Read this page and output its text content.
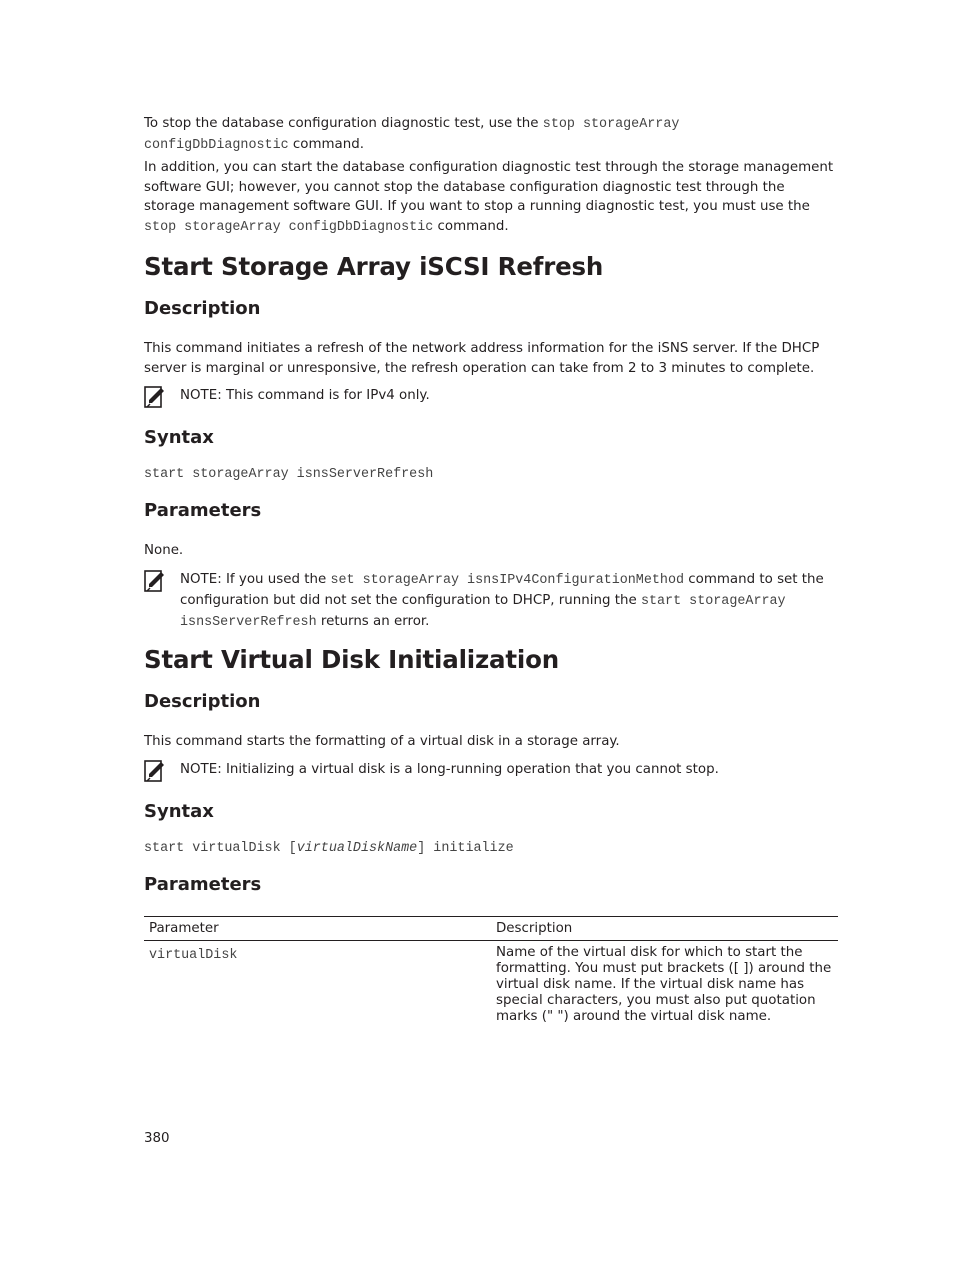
To stop the database configuration diagnostic test, use the stop storageArray
configDbDiagnostic command.

In addition, you can start the database configuration diagnostic test through the storage management software GUI; however, you cannot stop the database configuration diagnostic test through the storage management software GUI. If you want to stop a running diagnostic test, you must use the stop storageArray configDbDiagnostic command.

Start Storage Array iSCSI Refresh
Description

This command initiates a refresh of the network address information for the iSNS server. If the DHCP server is marginal or unresponsive, the refresh operation can take from 2 to 3 minutes to complete.

NOTE: This command is for IPv4 only.
Syntax
start storageArray isnsServerRefresh
Parameters

None.

NOTE: If you used the set storageArray isnsIPv4ConfigurationMethod command to set the configuration but did not set the configuration to DHCP, running the start storageArray isnsServerRefresh returns an error.
Start Virtual Disk Initialization
Description

This command starts the formatting of a virtual disk in a storage array.

NOTE: Initializing a virtual disk is a long-running operation that you cannot stop.
Syntax
start virtualDisk [virtualDiskName] initialize
Parameters
Parameter	Description
virtualDisk	Name of the virtual disk for which to start the formatting. You must put brackets ([ ]) around the virtual disk name. If the virtual disk name has special characters, you must also put quotation marks (" ") around the virtual disk name.
380
